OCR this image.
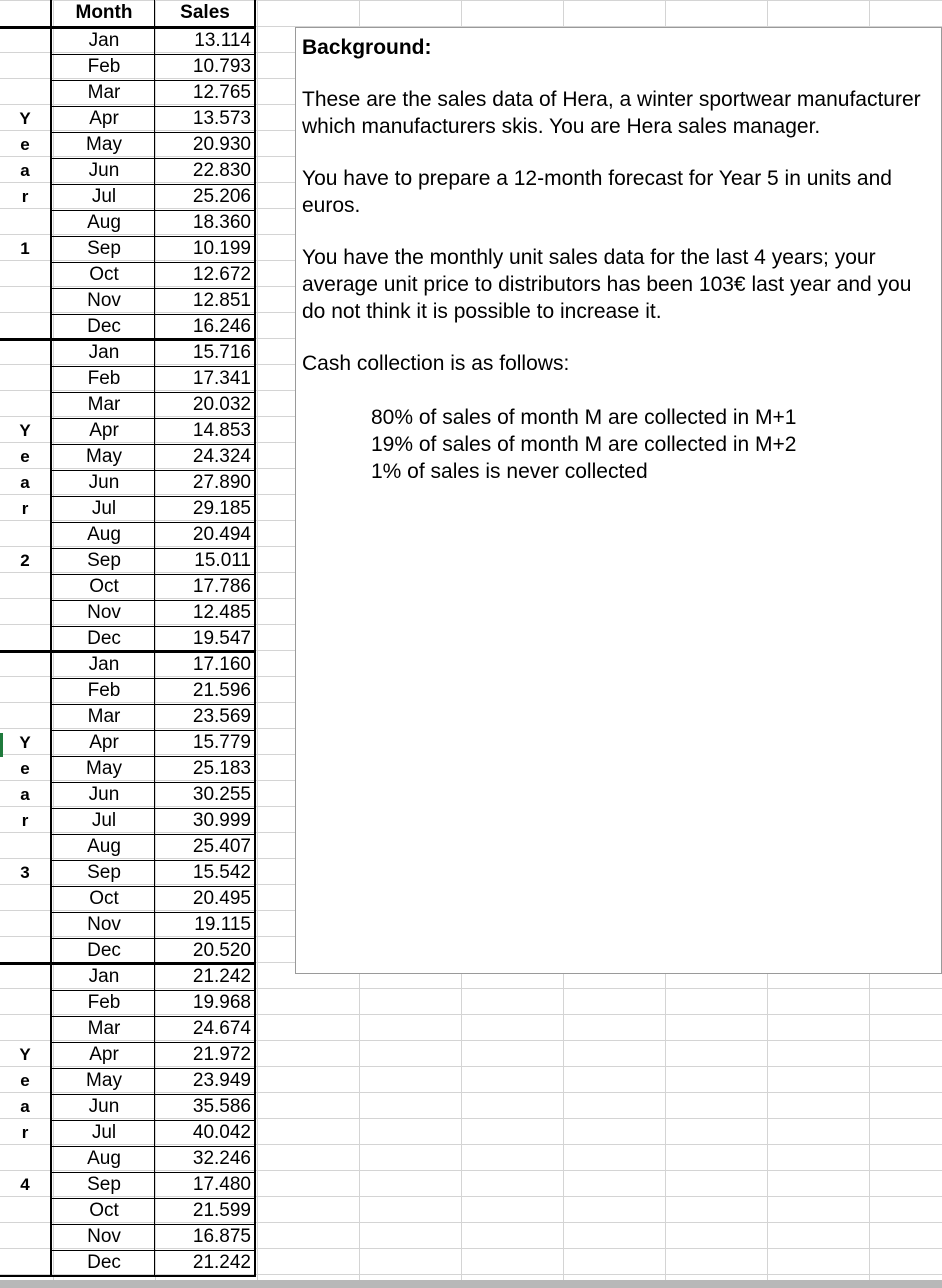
Month	Sales
Jan	13.114
Feb	10.793
Mar	12.765
Apr	13.573
May	20.930
Jun	22.830
Jul	25.206
Aug	18.360
Sep	10.199
Oct	12.672
Nov	12.851
Dec	16.246
Y
e
a
r
1
Jan	15.716
Feb	17.341
Mar	20.032
Apr	14.853
May	24.324
Jun	27.890
Jul	29.185
Aug	20.494
Sep	15.011
Oct	17.786
Nov	12.485
Dec	19.547
Y
e
a
r
2
Jan	17.160
Feb	21.596
Mar	23.569
Apr	15.779
May	25.183
Jun	30.255
Jul	30.999
Aug	25.407
Sep	15.542
Oct	20.495
Nov	19.115
Dec	20.520
Y
e
a
r
3
Jan	21.242
Feb	19.968
Mar	24.674
Apr	21.972
May	23.949
Jun	35.586
Jul	40.042
Aug	32.246
Sep	17.480
Oct	21.599
Nov	16.875
Dec	21.242
Y
e
a
r
4

Background:

These are the sales data of Hera, a winter sportwear manufacturer which manufacturers skis. You are Hera sales manager.

You have to prepare a 12-month forecast for Year 5 in units and euros.

You have the monthly unit sales data for the last 4 years; your average unit price to distributors has been 103€ last year and you do not think it is possible to increase it.

Cash collection is as follows:

80% of sales of month M are collected in M+1

19% of sales of month M are collected in M+2

1% of sales is never collected
